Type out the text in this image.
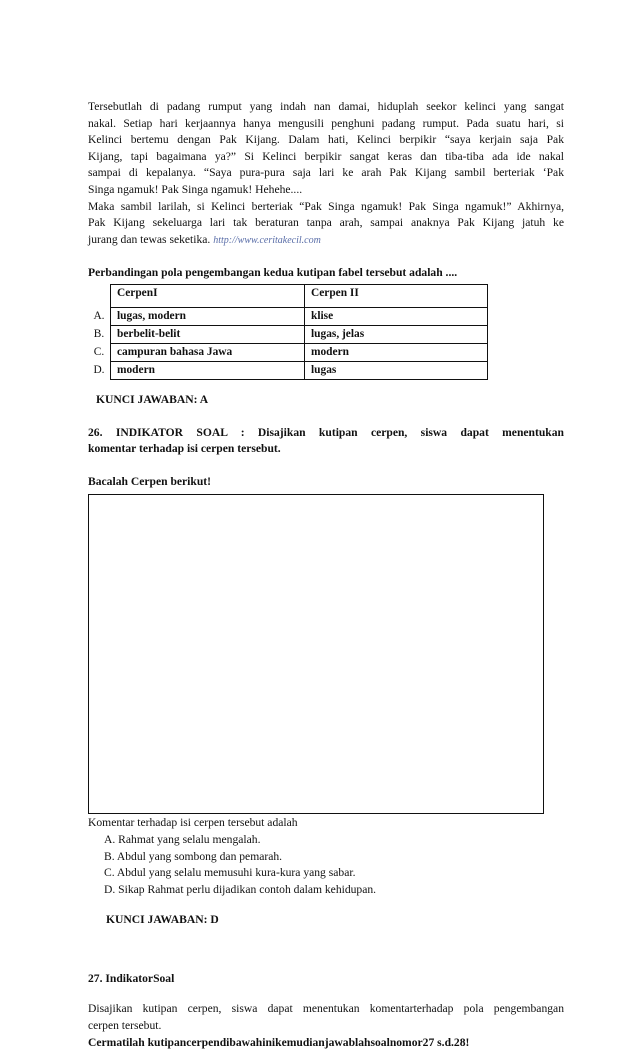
Tersebutlah di padang rumput yang indah nan damai, hiduplah seekor kelinci yang sangat
nakal. Setiap hari kerjaannya hanya mengusili penghuni padang rumput. Pada suatu hari, si
Kelinci bertemu dengan Pak Kijang. Dalam hati, Kelinci berpikir “saya kerjain saja Pak
Kijang, tapi bagaimana ya?” Si Kelinci berpikir sangat keras dan tiba-tiba ada ide nakal
sampai di kepalanya. “Saya pura-pura saja lari ke arah Pak Kijang sambil berteriak ‘Pak
Singa ngamuk! Pak Singa ngamuk! Hehehe....
Maka sambil larilah, si Kelinci berteriak “Pak Singa ngamuk! Pak Singa ngamuk!” Akhirnya,
Pak Kijang sekeluarga lari tak beraturan tanpa arah, sampai anaknya Pak Kijang jatuh ke
jurang dan tewas seketika. http://www.ceritakecil.com
Perbandingan pola pengembangan kedua kutipan fabel tersebut adalah ....
	CerpenI	Cerpen II
A.	lugas, modern	klise
B.	berbelit-belit	lugas, jelas
C.	campuran bahasa Jawa	modern
D.	modern	lugas
KUNCI JAWABAN: A
26. INDIKATOR SOAL : Disajikan kutipan cerpen, siswa dapat menentukan
komentar terhadap isi cerpen tersebut.
Bacalah Cerpen berikut!
Komentar terhadap isi cerpen tersebut adalah
A. Rahmat yang selalu mengalah.
B. Abdul yang sombong dan pemarah.
C. Abdul yang selalu memusuhi kura-kura yang sabar.
D. Sikap Rahmat perlu dijadikan contoh dalam kehidupan.
KUNCI JAWABAN: D
27. IndikatorSoal
Disajikan kutipan cerpen, siswa dapat menentukan komentarterhadap pola pengembangan
cerpen tersebut.
Cermatilah kutipancerpendibawahinikemudianjawablahsoalnomor27 s.d.28!
